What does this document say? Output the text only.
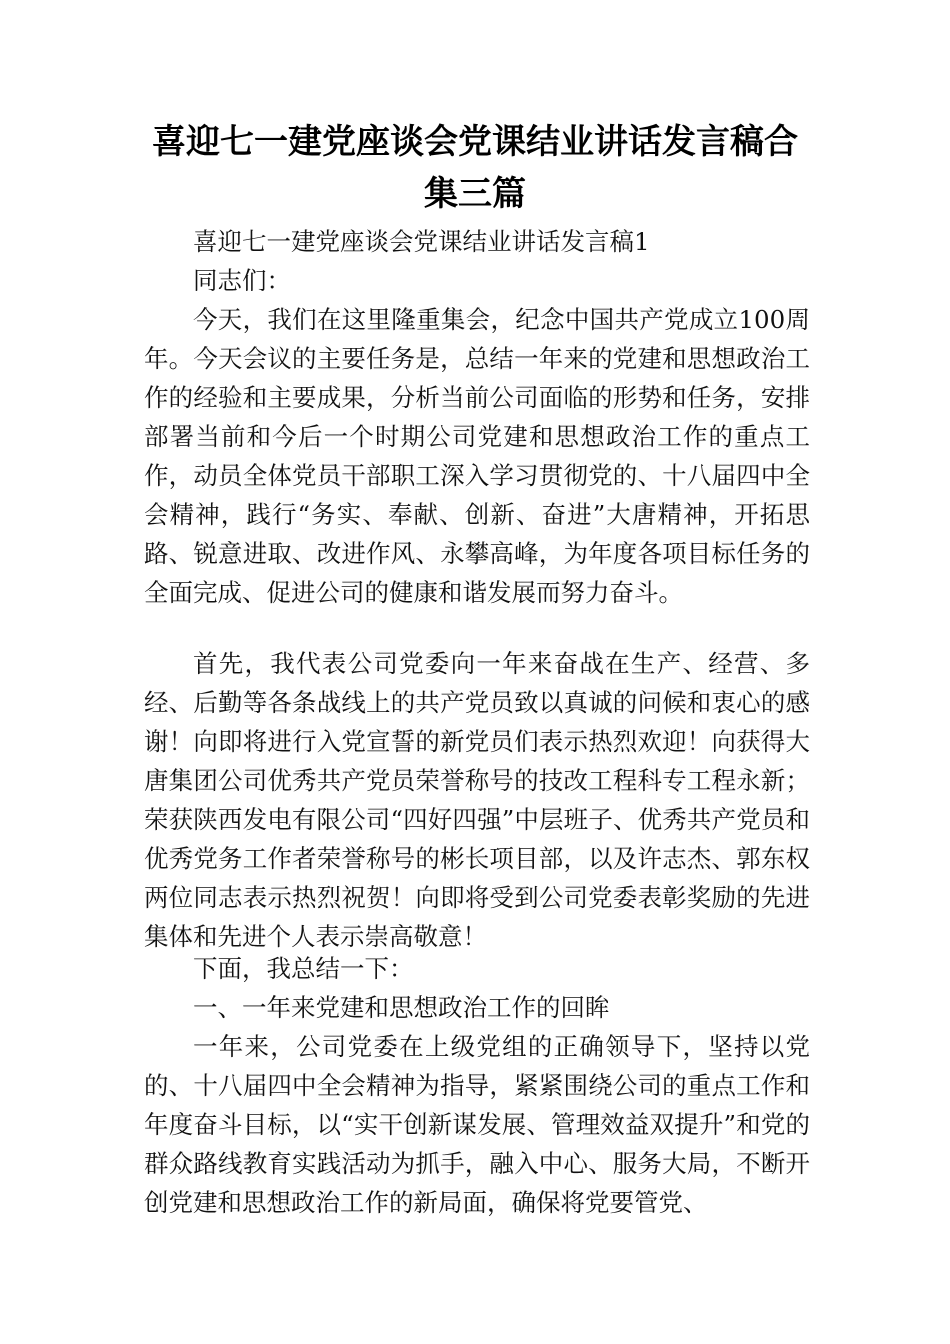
喜迎七一建党座谈会党课结业讲话发言稿合
集三篇

喜迎七一建党座谈会党课结业讲话发言稿1

同志们：

今天，我们在这里隆重集会，纪念中国共产党成立100周年。今天会议的主要任务是，总结一年来的党建和思想政治工作的经验和主要成果，分析当前公司面临的形势和任务，安排部署当前和今后一个时期公司党建和思想政治工作的重点工作，动员全体党员干部职工深入学习贯彻党的、十八届四中全会精神，践行“务实、奉献、创新、奋进”大唐精神，开拓思路、锐意进取、改进作风、永攀高峰，为年度各项目标任务的全面完成、促进公司的健康和谐发展而努力奋斗。

首先，我代表公司党委向一年来奋战在生产、经营、多经、后勤等各条战线上的共产党员致以真诚的问候和衷心的感谢！向即将进行入党宣誓的新党员们表示热烈欢迎！向获得大唐集团公司优秀共产党员荣誉称号的技改工程科专工程永新；荣获陕西发电有限公司“四好四强”中层班子、优秀共产党员和优秀党务工作者荣誉称号的彬长项目部，以及许志杰、郭东权两位同志表示热烈祝贺！向即将受到公司党委表彰奖励的先进集体和先进个人表示崇高敬意！

下面，我总结一下：

一、一年来党建和思想政治工作的回眸

一年来，公司党委在上级党组的正确领导下，坚持以党的、十八届四中全会精神为指导，紧紧围绕公司的重点工作和年度奋斗目标，以“实干创新谋发展、管理效益双提升”和党的群众路线教育实践活动为抓手，融入中心、服务大局，不断开创党建和思想政治工作的新局面，确保将党要管党、
